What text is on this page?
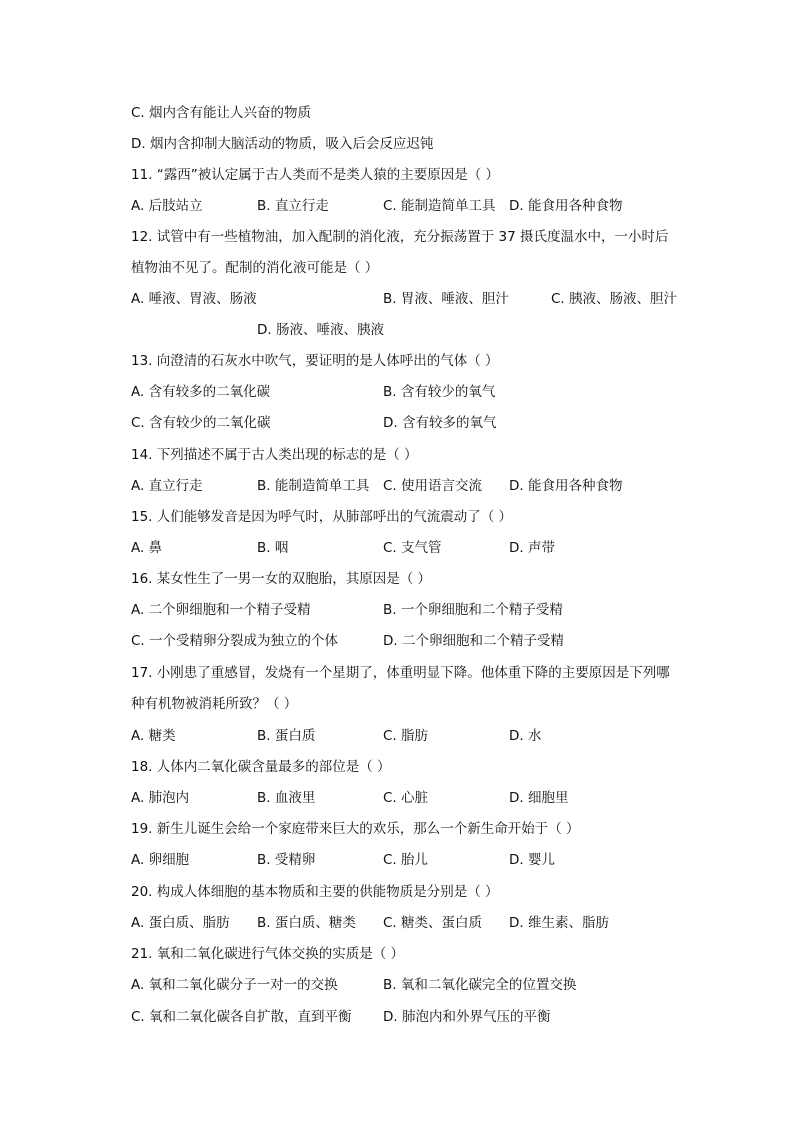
C. 烟内含有能让人兴奋的物质
D. 烟内含抑制大脑活动的物质，吸入后会反应迟钝
11. “露西”被认定属于古人类而不是类人猿的主要原因是（ ）
A. 后肢站立	B. 直立行走	C. 能制造简单工具 D. 能食用各种食物
12. 试管中有一些植物油，加入配制的消化液，充分振荡置于 37 摄氏度温水中，一小时后
植物油不见了。配制的消化液可能是（ ）
A. 唾液、胃液、肠液	B. 胃液、唾液、胆汁	C. 胰液、肠液、胆汁
D. 肠液、唾液、胰液
13. 向澄清的石灰水中吹气，要证明的是人体呼出的气体（ ）
A. 含有较多的二氧化碳	B. 含有较少的氧气
C. 含有较少的二氧化碳	D. 含有较多的氧气
14. 下列描述不属于古人类出现的标志的是（ ）
A. 直立行走	B. 能制造简单工具 C. 使用语言交流 D. 能食用各种食物
15. 人们能够发音是因为呼气时，从肺部呼出的气流震动了（ ）
A. 鼻	B. 咽	C. 支气管	D. 声带
16. 某女性生了一男一女的双胞胎，其原因是（ ）
A. 二个卵细胞和一个精子受精	B. 一个卵细胞和二个精子受精
C. 一个受精卵分裂成为独立的个体	D. 二个卵细胞和二个精子受精
17. 小刚患了重感冒，发烧有一个星期了，体重明显下降。他体重下降的主要原因是下列哪
种有机物被消耗所致？（ ）
A. 糖类	B. 蛋白质	C. 脂肪	D. 水
18. 人体内二氧化碳含量最多的部位是（ ）
A. 肺泡内	B. 血液里	C. 心脏	D. 细胞里
19. 新生儿诞生会给一个家庭带来巨大的欢乐，那么一个新生命开始于（ ）
A. 卵细胞	B. 受精卵	C. 胎儿	D. 婴儿
20. 构成人体细胞的基本物质和主要的供能物质是分别是（ ）
A. 蛋白质、脂肪 B. 蛋白质、糖类 C. 糖类、蛋白质 D. 维生素、脂肪
21. 氧和二氧化碳进行气体交换的实质是（ ）
A. 氧和二氧化碳分子一对一的交换	B. 氧和二氧化碳完全的位置交换
C. 氧和二氧化碳各自扩散，直到平衡 D. 肺泡内和外界气压的平衡
